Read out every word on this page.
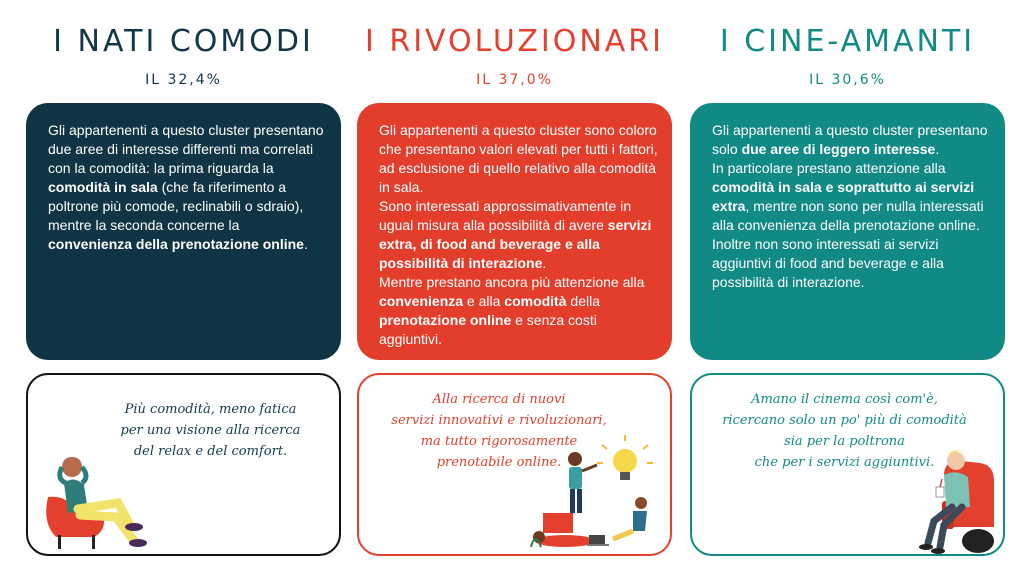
I NATI COMODI
IL 32,4%

Gli appartenenti a questo cluster presentano due aree di interesse differenti ma correlati con la comodità: la prima riguarda la comodità in sala (che fa riferimento a poltrone più comode, reclinabili o sdraio), mentre la seconda concerne la convenienza della prenotazione online.

Più comodità, meno fatica
per una visione alla ricerca
del relax e del comfort.
I RIVOLUZIONARI
IL 37,0%

Gli appartenenti a questo cluster sono coloro che presentano valori elevati per tutti i fattori, ad esclusione di quello relativo alla comodità in sala.
Sono interessati approssimativamente in ugual misura alla possibilità di avere servizi extra, di food and beverage e alla possibilità di interazione.
Mentre prestano ancora più attenzione alla convenienza e alla comodità della prenotazione online e senza costi aggiuntivi.

Alla ricerca di nuovi
servizi innovativi e rivoluzionari,
ma tutto rigorosamente
prenotabile online.
I CINE-AMANTI
IL 30,6%

Gli appartenenti a questo cluster presentano solo due aree di leggero interesse.
In particolare prestano attenzione alla comodità in sala e soprattutto ai servizi extra, mentre non sono per nulla interessati alla convenienza della prenotazione online.
Inoltre non sono interessati ai servizi aggiuntivi di food and beverage e alla possibilità di interazione.

Amano il cinema così com'è,
ricercano solo un po' più di comodità
sia per la poltrona
che per i servizi aggiuntivi.
